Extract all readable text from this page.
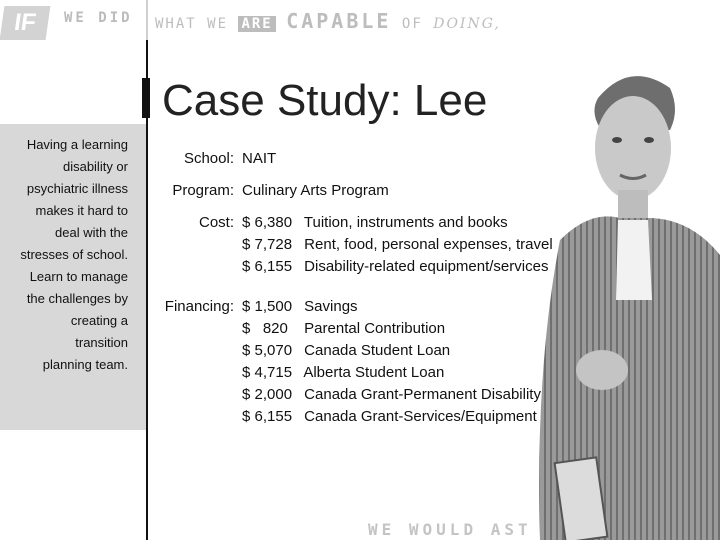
IF	WE DID WHAT WE ARE CAPABLE OF DOING,
Case Study: Lee
Having a learning
disability or
psychiatric illness
makes it hard to
deal with the
stresses of school.
Learn to manage
the challenges by
creating a
transition
planning team.
School: NAIT
Program: Culinary Arts Program
Cost: $ 6,380 Tuition, instruments and books
$ 7,728 Rent, food, personal expenses, travel
$ 6,155 Disability-related equipment/services
Financing: $ 1,500 Savings
$   820 Parental Contribution
$ 5,070 Canada Student Loan
$ 4,715 Alberta Student Loan
$ 2,000 Canada Grant-Permanent Disability
$ 6,155 Canada Grant-Services/Equipment
WE WOULD AST
